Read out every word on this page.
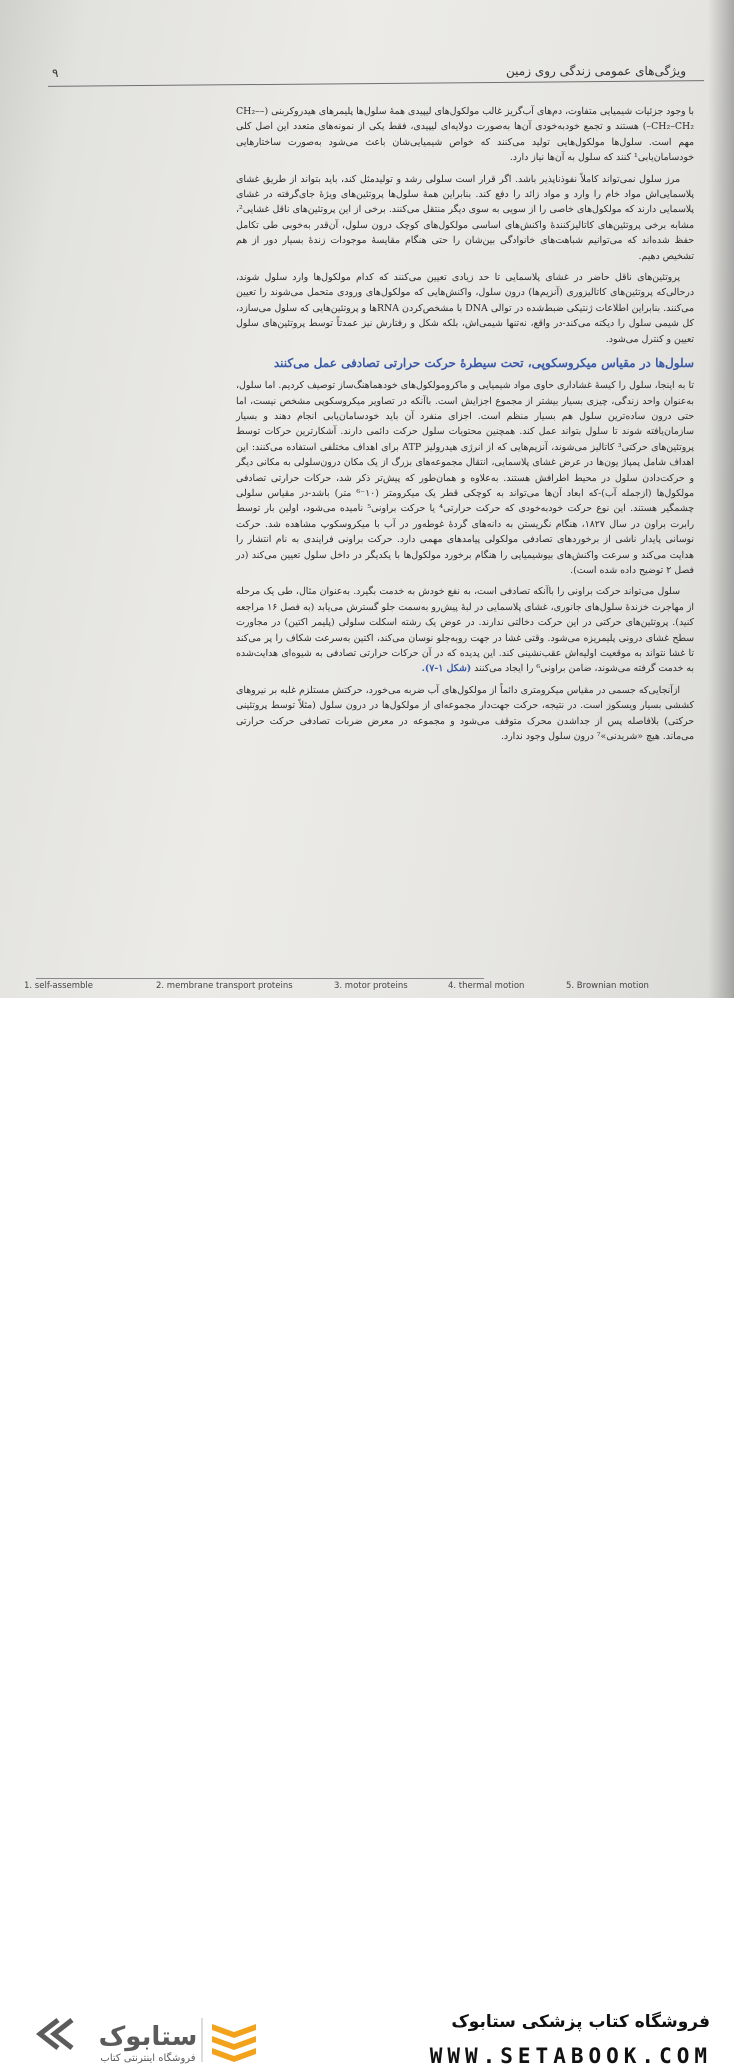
۹	ویژگی‌های عمومی زندگی روی زمین

با وجود جزئیات شیمیایی متفاوت، دم‌های آب‌گریز غالب مولکول‌های لیپیدی همهٔ سلول‌ها پلیمرهای هیدروکربنی (–CH₂–CH₂–CH₂–) هستند و تجمع خودبه‌خودی آن‌ها به‌صورت دولایه‌ای لیپیدی، فقط یکی از نمونه‌های متعدد این اصل کلی مهم است. سلول‌ها مولکول‌هایی تولید می‌کنند که خواص شیمیایی‌شان باعث می‌شود به‌صورت ساختارهایی خودسامان‌یابی¹ کنند که سلول به آن‌ها نیاز دارد.

مرز سلول نمی‌تواند کاملاً نفوذناپذیر باشد. اگر قرار است سلولی رشد و تولیدمثل کند، باید بتواند از طریق غشای پلاسمایی‌اش مواد خام را وارد و مواد زائد را دفع کند. بنابراین همهٔ سلول‌ها پروتئین‌های ویژهٔ جای‌گرفته در غشای پلاسمایی دارند که مولکول‌های خاصی را از سویی به سوی دیگر منتقل می‌کنند. برخی از این پروتئین‌های ناقل غشایی²، مشابه برخی پروتئین‌های کاتالیزکنندهٔ واکنش‌های اساسی مولکول‌های کوچک درون سلول، آن‌قدر به‌خوبی طی تکامل حفظ شده‌اند که می‌توانیم شباهت‌های خانوادگی بین‌شان را حتی هنگام مقایسهٔ موجودات زندهٔ بسیار دور از هم تشخیص دهیم.

پروتئین‌های ناقل حاضر در غشای پلاسمایی تا حد زیادی تعیین می‌کنند که کدام مولکول‌ها وارد سلول شوند، درحالی‌که پروتئین‌های کاتالیزوری (آنزیم‌ها) درون سلول، واکنش‌هایی که مولکول‌های ورودی متحمل می‌شوند را تعیین می‌کنند. بنابراین اطلاعات ژنتیکی ضبط‌شده در توالی DNA با مشخص‌کردن RNAها و پروتئین‌هایی که سلول می‌سازد، کل شیمی سلول را دیکته می‌کند-در واقع، نه‌تنها شیمی‌اش، بلکه شکل و رفتارش نیز عمدتاً توسط پروتئین‌های سلول تعیین و کنترل می‌شود.

سلول‌ها در مقیاس میکروسکوپی، تحت سیطرهٔ حرکت حرارتی تصادفی عمل می‌کنند

تا به اینجا، سلول را کیسهٔ غشاداری حاوی مواد شیمیایی و ماکرومولکول‌های خودهماهنگ‌ساز توصیف کردیم. اما سلول، به‌عنوان واحد زندگی، چیزی بسیار بیشتر از مجموع اجزایش است. باآنکه در تصاویر میکروسکوپی مشخص نیست، اما حتی درون ساده‌ترین سلول هم بسیار منظم است. اجزای منفرد آن باید خودسامان‌یابی انجام دهند و بسیار سازمان‌یافته شوند تا سلول بتواند عمل کند. همچنین محتویات سلول حرکت دائمی دارند. آشکارترین حرکات توسط پروتئین‌های حرکتی³ کاتالیز می‌شوند، آنزیم‌هایی که از انرژی هیدرولیز ATP برای اهداف مختلفی استفاده می‌کنند: این اهداف شامل پمپاژ یون‌ها در عرض غشای پلاسمایی، انتقال مجموعه‌های بزرگ از یک مکان درون‌سلولی به مکانی دیگر و حرکت‌دادن سلول در محیط اطرافش هستند. به‌علاوه و همان‌طور که پیش‌تر ذکر شد، حرکات حرارتی تصادفی مولکول‌ها (ازجمله آب)-که ابعاد آن‌ها می‌تواند به کوچکی قطر یک میکرومتر (۱۰⁻⁶ متر) باشد-در مقیاس سلولی چشمگیر هستند. این نوع حرکت خودبه‌خودی که حرکت حرارتی⁴ یا حرکت براونی⁵ نامیده می‌شود، اولین بار توسط رابرت براون در سال ۱۸۲۷، هنگام نگریستن به دانه‌های گردهٔ غوطه‌ور در آب با میکروسکوپ مشاهده شد. حرکت نوسانی پایدار ناشی از برخوردهای تصادفی مولکولی پیامدهای مهمی دارد. حرکت براونی فرایندی به نام انتشار را هدایت می‌کند و سرعت واکنش‌های بیوشیمیایی را هنگام برخورد مولکول‌ها با یکدیگر در داخل سلول تعیین می‌کند (در فصل ۲ توضیح داده شده است).

سلول می‌تواند حرکت براونی را باآنکه تصادفی است، به نفع خودش به خدمت بگیرد. به‌عنوان مثال، طی یک مرحله از مهاجرت خزندهٔ سلول‌های جانوری، غشای پلاسمایی در لبهٔ پیش‌رو به‌سمت جلو گسترش می‌یابد (به فصل ۱۶ مراجعه کنید). پروتئین‌های حرکتی در این حرکت دخالتی ندارند. در عوض یک رشته اسکلت سلولی (پلیمر اکتین) در مجاورت سطح غشای درونی پلیمریزه می‌شود. وقتی غشا در جهت روبه‌جلو نوسان می‌کند، اکتین به‌سرعت شکاف را پر می‌کند تا غشا نتواند به موقعیت اولیه‌اش عقب‌نشینی کند. این پدیده که در آن حرکات حرارتی تصادفی به شیوه‌ای هدایت‌شده به خدمت گرفته می‌شوند، ضامن براونی⁶ را ایجاد می‌کنند (شکل ۱-۷).

ازآنجایی‌که جسمی در مقیاس میکرومتری دائماً از مولکول‌های آب ضربه می‌خورد، حرکتش مستلزم غلبه بر نیروهای کششی بسیار ویسکوز است. در نتیجه، حرکت جهت‌دار مجموعه‌ای از مولکول‌ها در درون سلول (مثلاً توسط پروتئینی حرکتی) بلافاصله پس از جداشدن محرک متوقف می‌شود و مجموعه در معرض ضربات تصادفی حرکت حرارتی می‌ماند. هیچ «شریدنی»⁷ درون سلول وجود ندارد.

1. self-assemble	2. membrane transport proteins	3. motor proteins	4. thermal motion	5. Brownian motion
ستابوک
فروشگاه اینترنتی کتاب
فروشگاه کتاب پزشکی ستابوک
WWW.SETABOOK.COM
